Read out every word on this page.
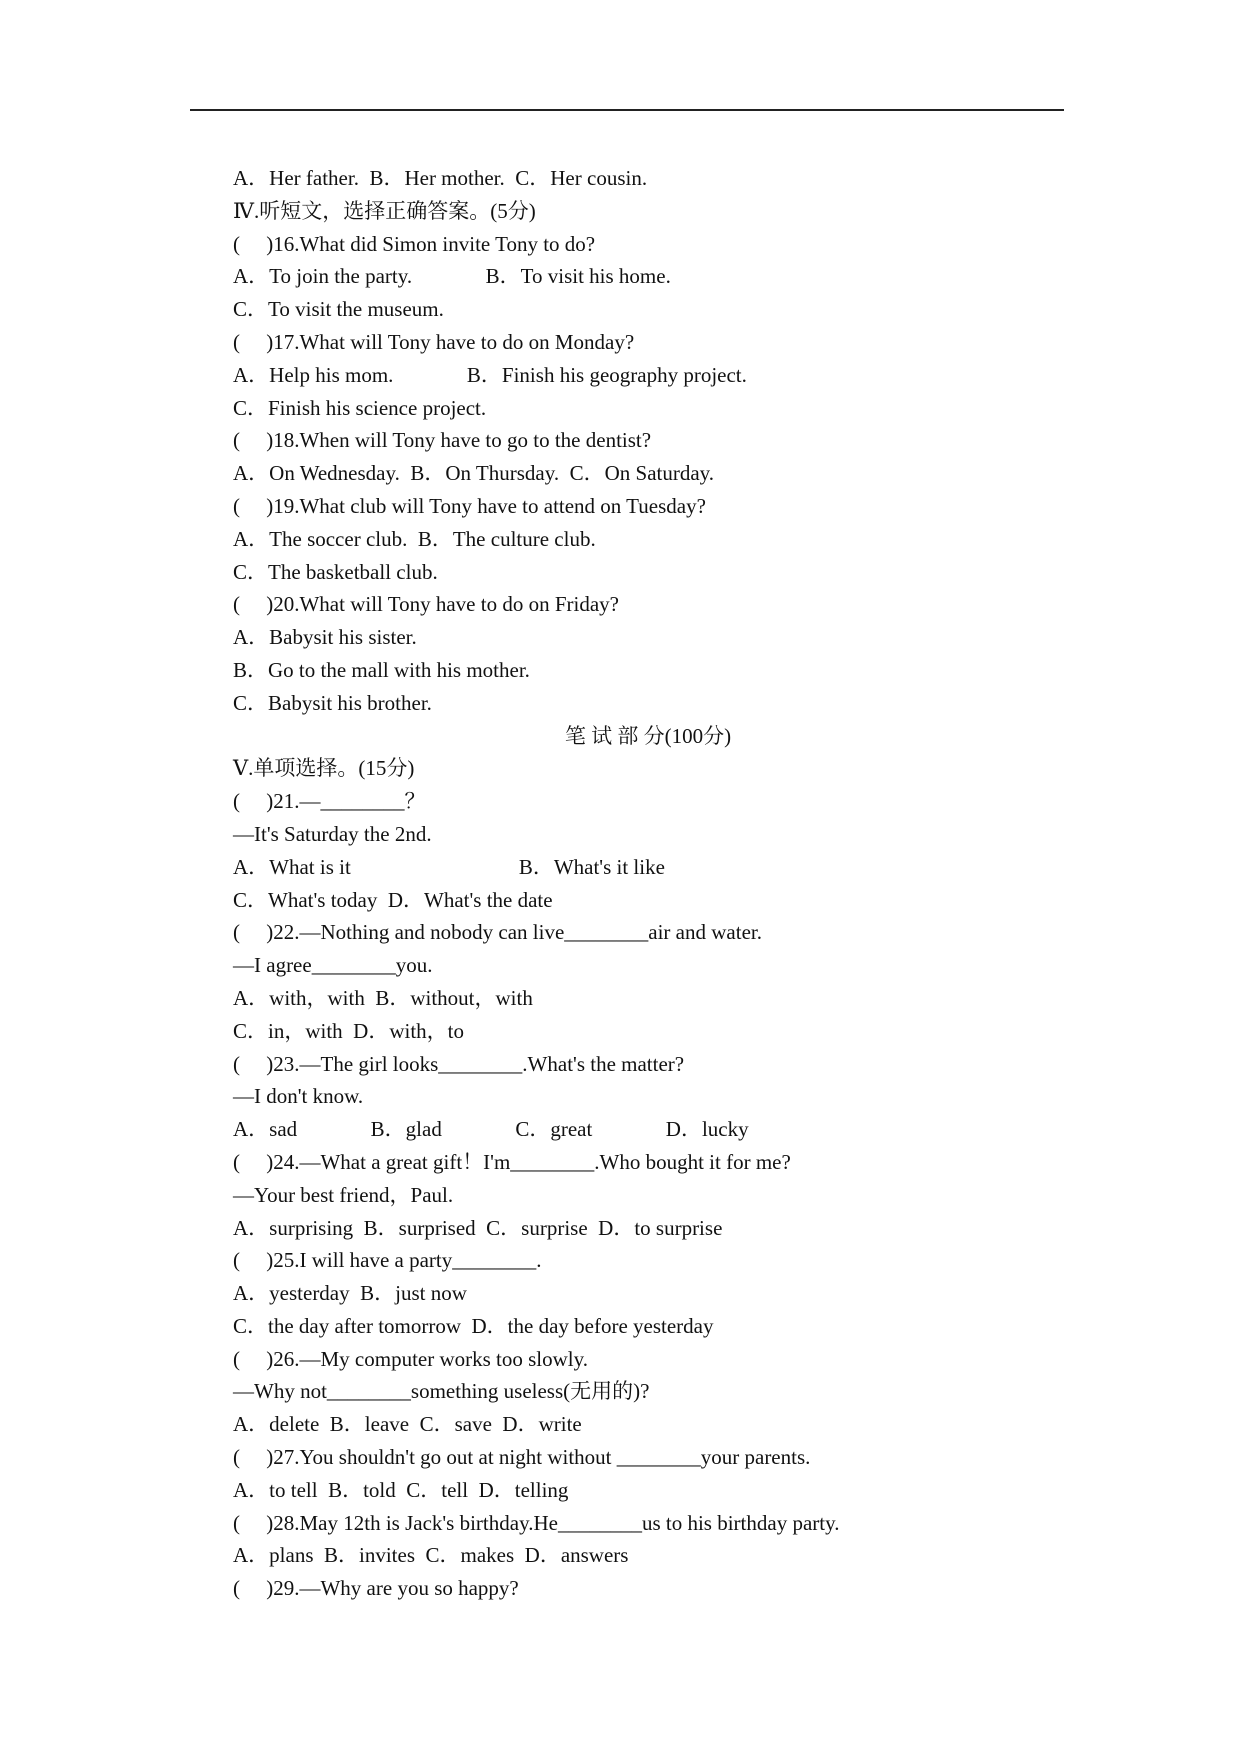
A．Her father.  B．Her mother.  C．Her cousin.
Ⅳ.听短文，选择正确答案。(5分)
(　 )16.What did Simon invite Tony to do?
A．To join the party.              B．To visit his home.
C．To visit the museum.
(　 )17.What will Tony have to do on Monday?
A．Help his mom.              B．Finish his geography project.
C．Finish his science project.
(　 )18.When will Tony have to go to the dentist?
A．On Wednesday.  B．On Thursday.  C．On Saturday.
(　 )19.What club will Tony have to attend on Tuesday?
A．The soccer club.  B．The culture club.
C．The basketball club.
(　 )20.What will Tony have to do on Friday?
A．Babysit his sister.
B．Go to the mall with his mother.
C．Babysit his brother.
笔 试 部 分(100分)
Ⅴ.单项选择。(15分)
(　 )21.—________？
—It's Saturday the 2nd.
A．What is it                                B．What's it like
C．What's today  D．What's the date
(　 )22.—Nothing and nobody can live________air and water.
—I agree________you.
A．with，with  B．without，with
C．in，with  D．with，to
(　 )23.—The girl looks________.What's the matter?
—I don't know.
A．sad              B．glad              C．great              D．lucky
(　 )24.—What a great gift！I'm________.Who bought it for me?
—Your best friend，Paul.
A．surprising  B．surprised  C．surprise  D．to surprise
(　 )25.I will have a party________.
A．yesterday  B．just now
C．the day after tomorrow  D．the day before yesterday
(　 )26.—My computer works too slowly.
—Why not________something useless(无用的)?
A．delete  B．leave  C．save  D．write
(　 )27.You shouldn't go out at night without ________your parents.
A．to tell  B．told  C．tell  D．telling
(　 )28.May 12th is Jack's birthday.He________us to his birthday party.
A．plans  B．invites  C．makes  D．answers
(　 )29.—Why are you so happy?
